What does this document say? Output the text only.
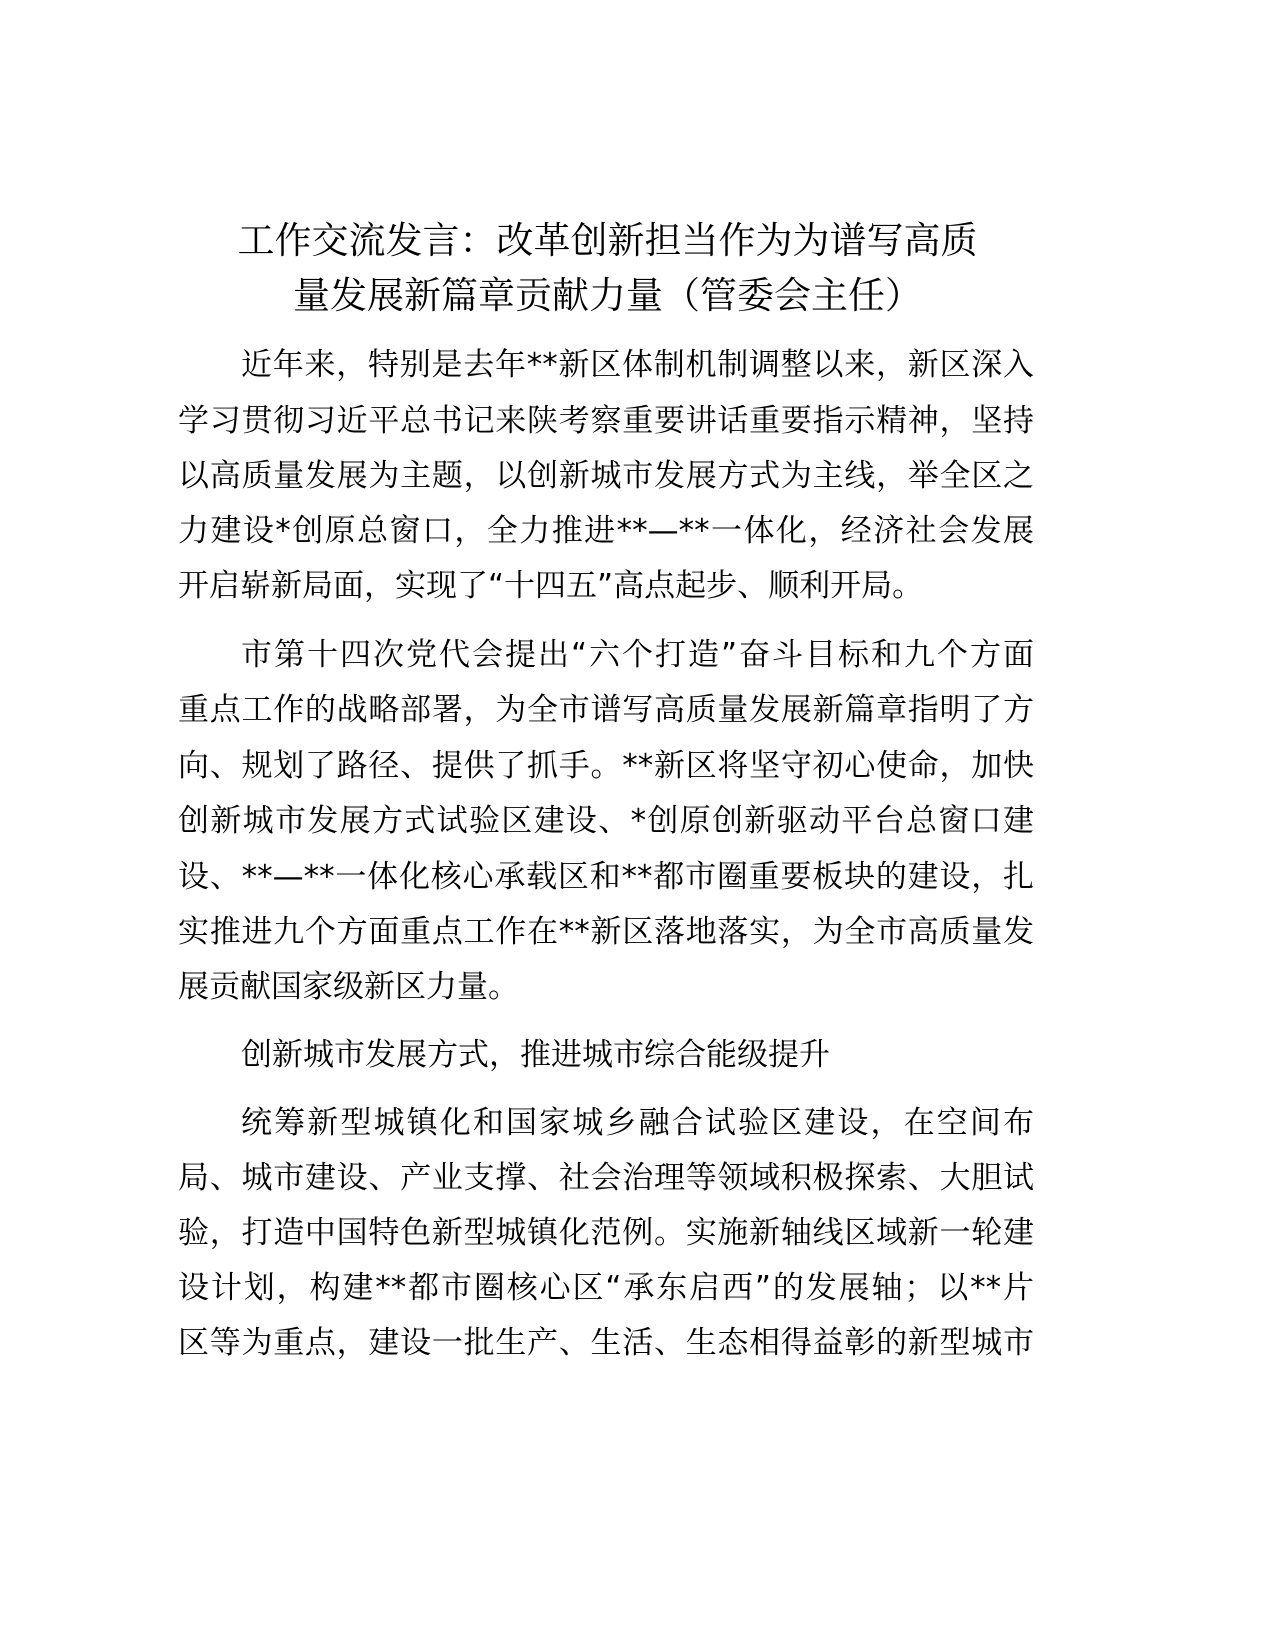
工作交流发言：改革创新担当作为为谱写高质
量发展新篇章贡献力量（管委会主任）
近年来，特别是去年**新区体制机制调整以来，新区深入
学习贯彻习近平总书记来陕考察重要讲话重要指示精神，坚持
以高质量发展为主题，以创新城市发展方式为主线，举全区之
力建设*创原总窗口，全力推进**—**一体化，经济社会发展
开启崭新局面，实现了“十四五”高点起步、顺利开局。
市第十四次党代会提出“六个打造”奋斗目标和九个方面
重点工作的战略部署，为全市谱写高质量发展新篇章指明了方
向、规划了路径、提供了抓手。**新区将坚守初心使命，加快
创新城市发展方式试验区建设、*创原创新驱动平台总窗口建
设、**—**一体化核心承载区和**都市圈重要板块的建设，扎
实推进九个方面重点工作在**新区落地落实，为全市高质量发
展贡献国家级新区力量。
创新城市发展方式，推进城市综合能级提升
统筹新型城镇化和国家城乡融合试验区建设，在空间布
局、城市建设、产业支撑、社会治理等领域积极探索、大胆试
验，打造中国特色新型城镇化范例。实施新轴线区域新一轮建
设计划，构建**都市圈核心区“承东启西”的发展轴；以**片
区等为重点，建设一批生产、生活、生态相得益彰的新型城市
